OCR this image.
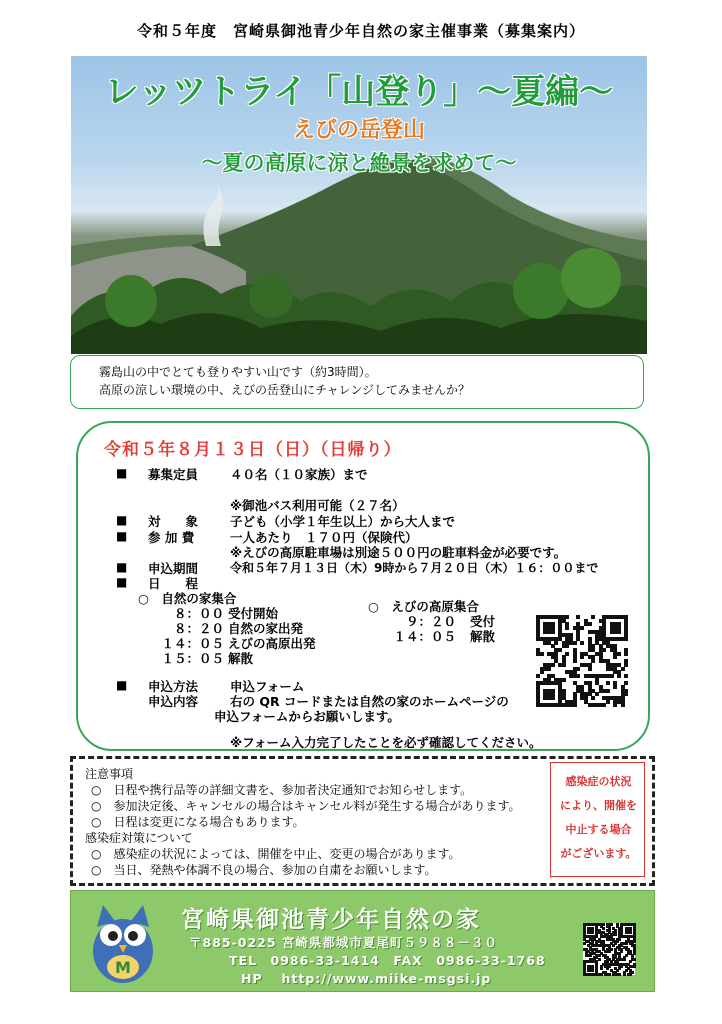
令和５年度　宮崎県御池青少年自然の家主催事業（募集案内）
レッツトライ「山登り」～夏編～
えびの岳登山
～夏の高原に涼と絶景を求めて～
霧島山の中でとても登りやすい山です（約3時間）。
高原の涼しい環境の中、えびの岳登山にチャレンジしてみませんか？
令和５年８月１３日（日）（日帰り）
■ 募集定員	４０名（１０家族）まで
※御池バス利用可能（２７名）
■ 対　　象	子ども（小学１年生以上）から大人まで
■ 参 加 費	一人あたり　１７０円（保険代）
※えびの高原駐車場は別途５００円の駐車料金が必要です。
■ 申込期間	令和５年７月１３日（木）9時から７月２０日（木）１６：００まで
■ 日　　程
○　自然の家集合
８：００ 受付開始
８：２０ 自然の家出発
１４：０５ えびの高原出発
１５：０５ 解散
○　えびの高原集合
９：２０ 受付
１４：０５ 解散
■ 申込方法	申込フォーム
申込内容	右の QR コードまたは自然の家のホームページの
申込フォームからお願いします。
※フォーム入力完了したことを必ず確認してください。
注意事項
○　日程や携行品等の詳細文書を、参加者決定通知でお知らせします。
○　参加決定後、キャンセルの場合はキャンセル料が発生する場合があります。
○　日程は変更になる場合もあります。
感染症対策について
○　感染症の状況によっては、開催を中止、変更の場合があります。
○　当日、発熱や体調不良の場合、参加の自粛をお願いします。
感染症の状況
により、開催を
中止する場合
がございます。
M
宮崎県御池青少年自然の家
〒885-0225 宮崎県都城市夏尾町５９８８－３０
TEL　0986-33-1414　FAX　0986-33-1768
HP　 http://www.miike-msgsi.jp
